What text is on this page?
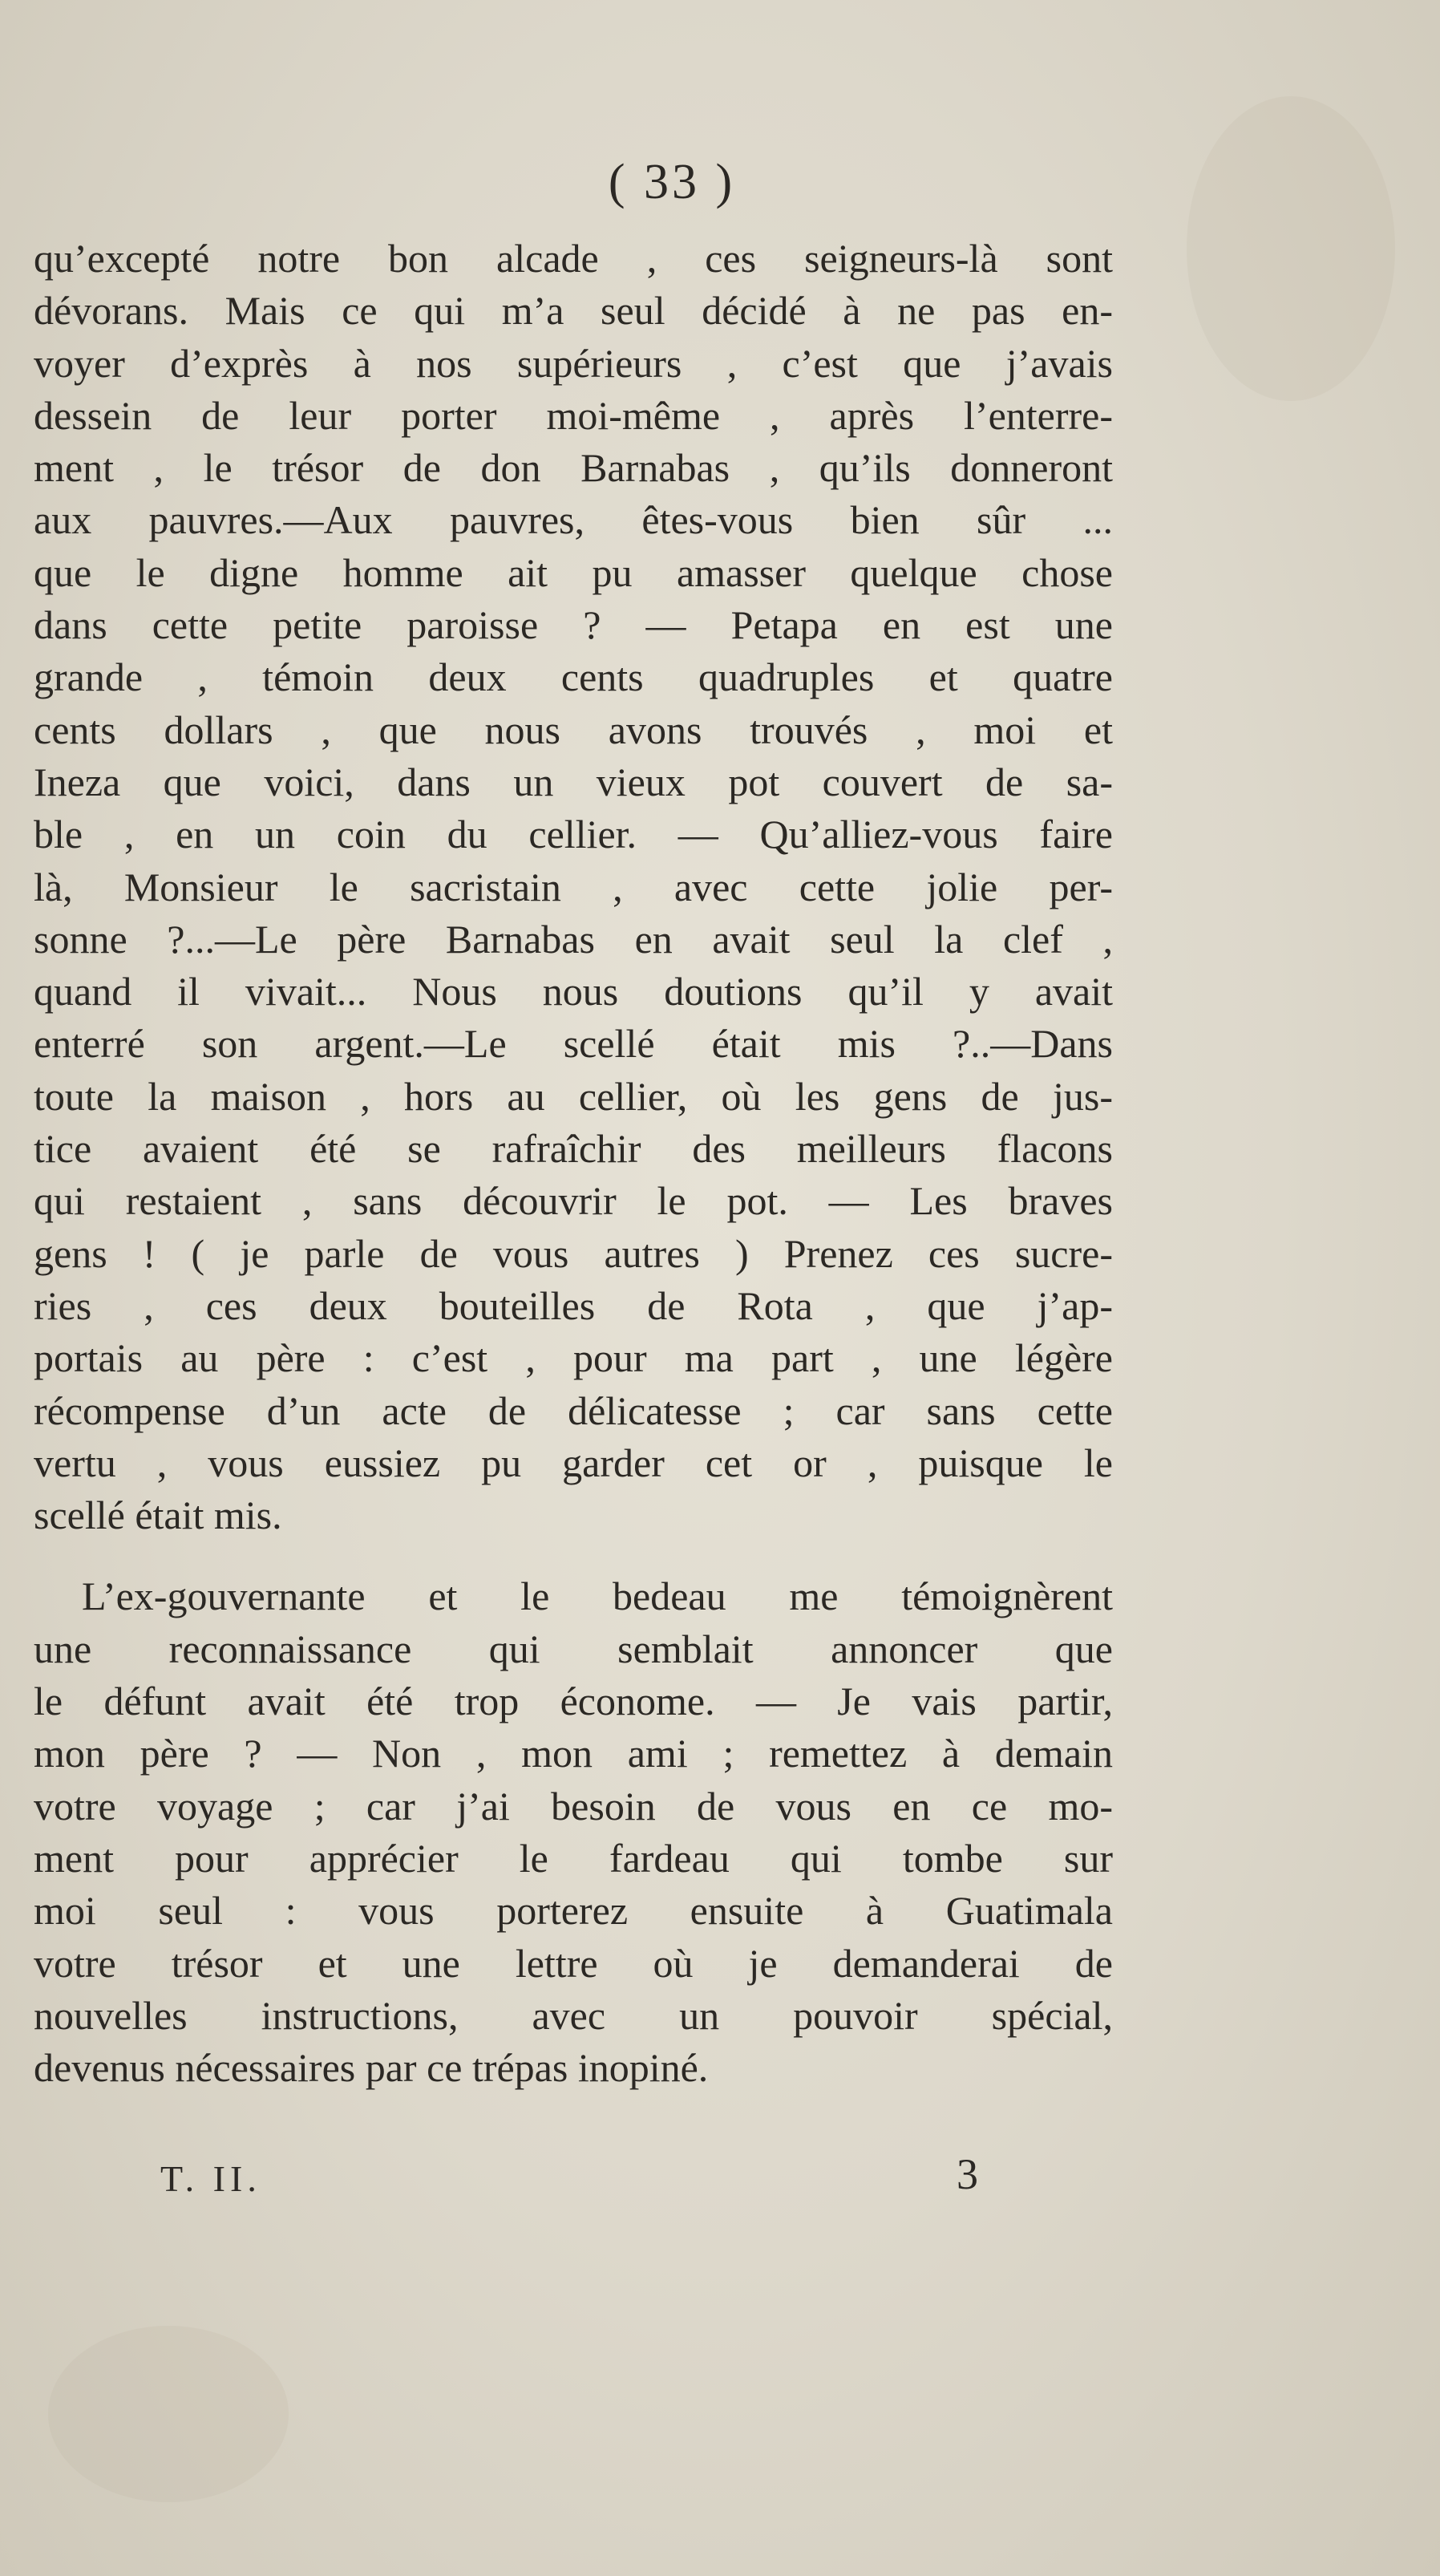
( 33 )
qu’excepté notre bon alcade , ces seigneurs-là sont
dévorans. Mais ce qui m’a seul décidé à ne pas en-
voyer d’exprès à nos supérieurs , c’est que j’avais
dessein de leur porter moi-même , après l’enterre-
ment , le trésor de don Barnabas , qu’ils donneront
aux pauvres.—Aux pauvres, êtes-vous bien sûr ...
que le digne homme ait pu amasser quelque chose
dans cette petite paroisse ? — Petapa en est une
grande , témoin deux cents quadruples et quatre
cents dollars , que nous avons trouvés , moi et
Ineza que voici, dans un vieux pot couvert de sa-
ble , en un coin du cellier. — Qu’alliez-vous faire
là, Monsieur le sacristain , avec cette jolie per-
sonne ?...—Le père Barnabas en avait seul la clef ,
quand il vivait... Nous nous doutions qu’il y avait
enterré son argent.—Le scellé était mis ?..—Dans
toute la maison , hors au cellier, où les gens de jus-
tice avaient été se rafraîchir des meilleurs flacons
qui restaient , sans découvrir le pot. — Les braves
gens ! ( je parle de vous autres ) Prenez ces sucre-
ries , ces deux bouteilles de Rota , que j’ap-
portais au père : c’est , pour ma part , une légère
récompense d’un acte de délicatesse ; car sans cette
vertu , vous eussiez pu garder cet or , puisque le
scellé était mis.
L’ex-gouvernante et le bedeau me témoignèrent
une reconnaissance qui semblait annoncer que
le défunt avait été trop économe. — Je vais partir,
mon père ? — Non , mon ami ; remettez à demain
votre voyage ; car j’ai besoin de vous en ce mo-
ment pour apprécier le fardeau qui tombe sur
moi seul : vous porterez ensuite à Guatimala
votre trésor et une lettre où je demanderai de
nouvelles instructions, avec un pouvoir spécial,
devenus nécessaires par ce trépas inopiné.
T. II.	3
